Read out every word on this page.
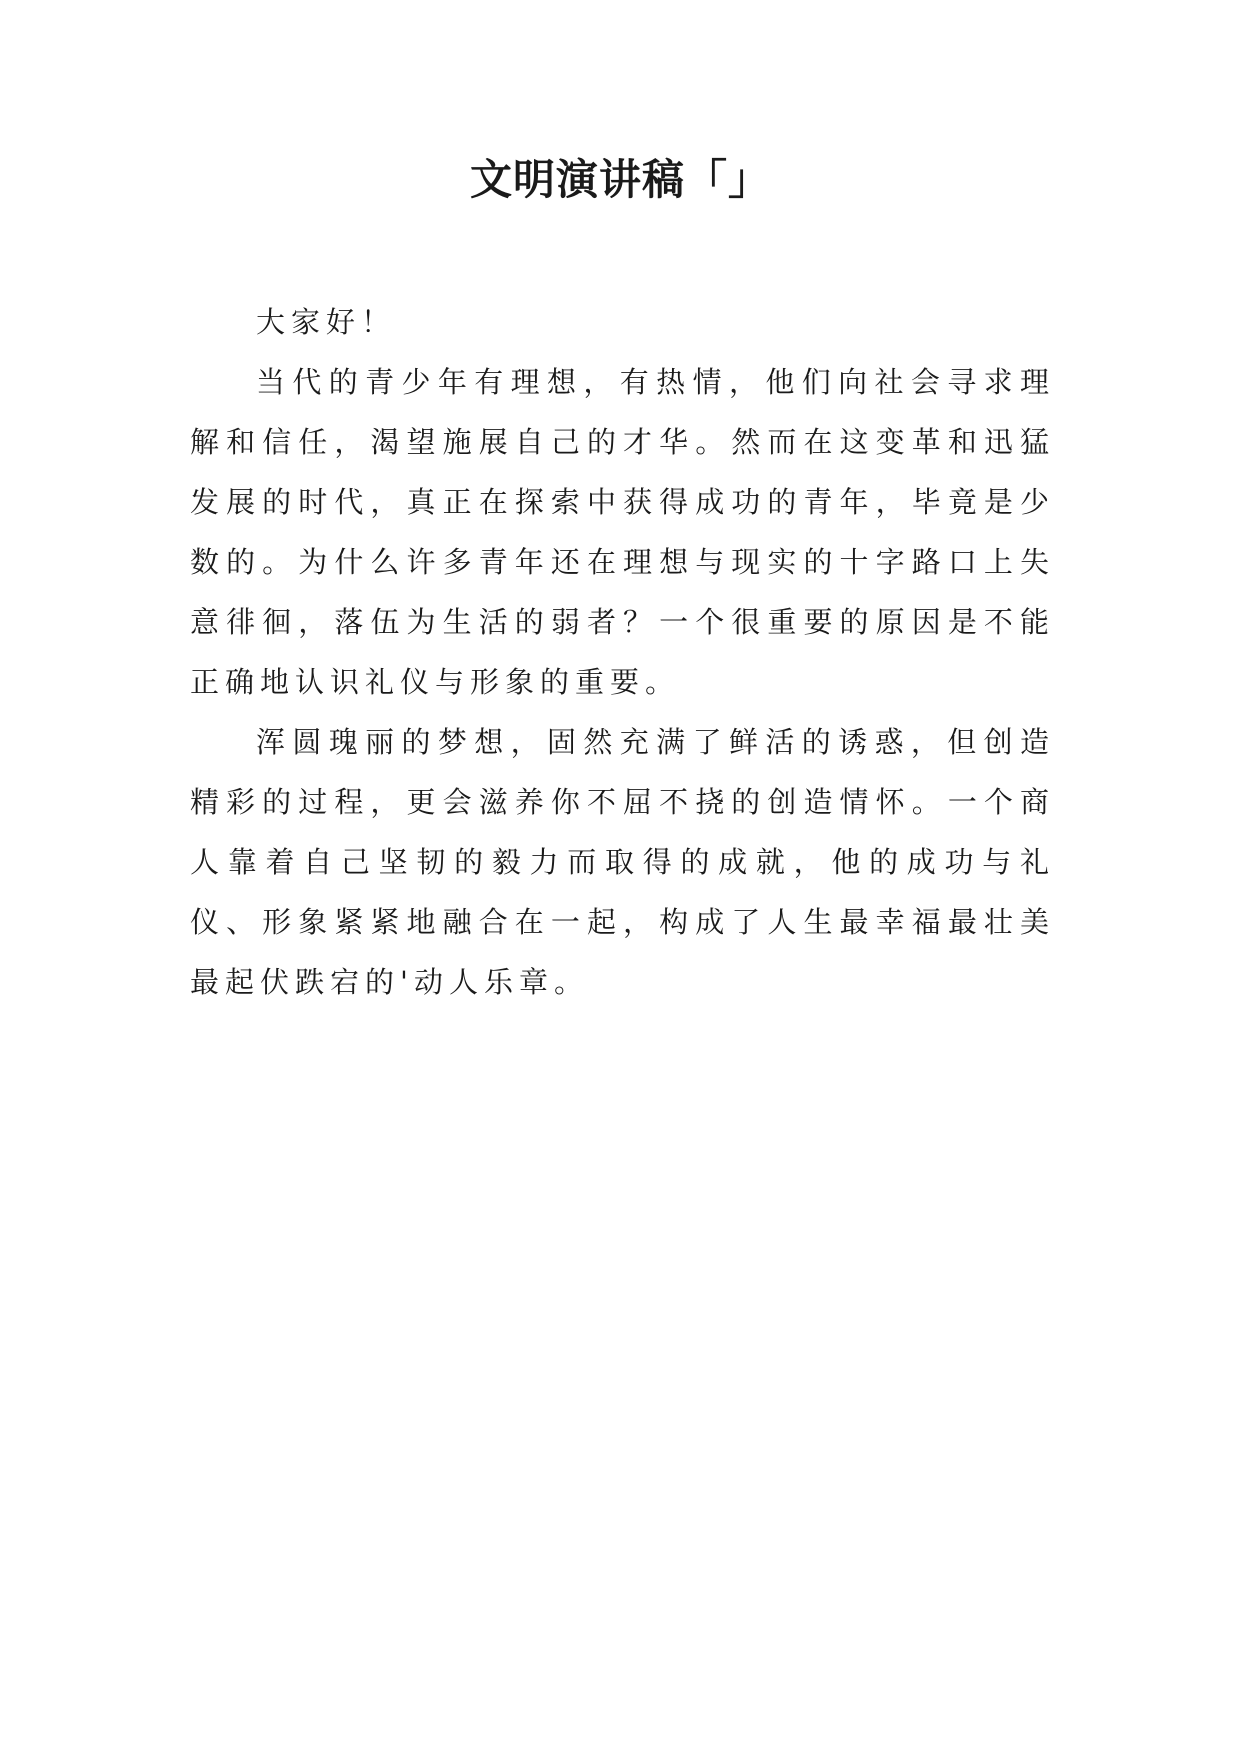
文明演讲稿「」

大家好！

当代的青少年有理想，有热情，他们向社会寻求理解和信任，渴望施展自己的才华。然而在这变革和迅猛发展的时代，真正在探索中获得成功的青年，毕竟是少数的。为什么许多青年还在理想与现实的十字路口上失意徘徊，落伍为生活的弱者？一个很重要的原因是不能正确地认识礼仪与形象的重要。

浑圆瑰丽的梦想，固然充满了鲜活的诱惑，但创造精彩的过程，更会滋养你不屈不挠的创造情怀。一个商人靠着自己坚韧的毅力而取得的成就，他的成功与礼仪、形象紧紧地融合在一起，构成了人生最幸福最壮美最起伏跌宕的'动人乐章。
